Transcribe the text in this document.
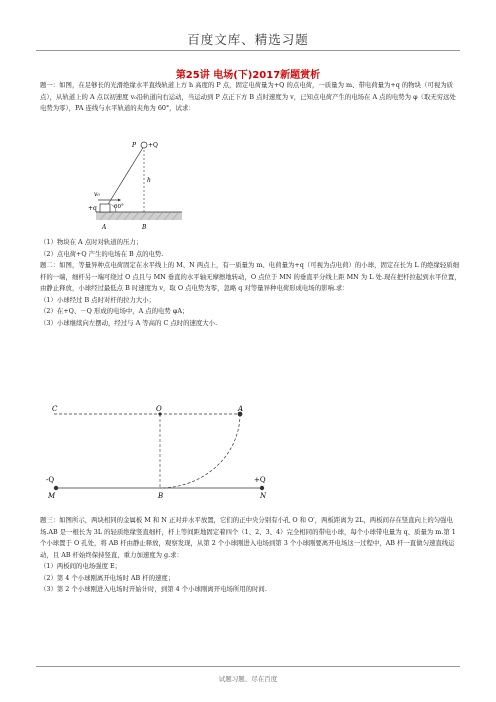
百度文库、精选习题
第25讲 电场(下)2017新题赏析

题一：如图，在足够长的光滑绝缘水平直线轨道上方 h 高度的 P 点，固定电荷量为+Q 的点电荷，一质量为 m、带电荷量为+q 的物块（可视为质点），从轨道上的 A 点以初速度 v₀沿轨道向右运动，当运动到 P 点正下方 B 点时速度为 v，已知点电荷产生的电场在 A 点的电势为 φ（取无穷远处电势为零），PA 连线与水平轨道的夹角为 60°，试求：

P +Q
h
v₀
+q	60°
A	B

（1）物块在 A 点时对轨道的压力；

（2）点电荷+Q 产生的电场在 B 点的电势.

题二：如图，等量异种点电荷固定在水平线上的 M、N 两点上，有一质量为 m、电荷量为+q（可视为点电荷）的小球，固定在长为 L 的绝缘轻质细杆的一端，细杆另一端可绕过 O 点且与 MN 垂直的水平轴无摩擦地转动，O 点位于 MN 的垂直平分线上距 MN 为 L 处.现在把杆拉起到水平位置，由静止释放，小球经过最低点 B 时速度为 v，取 O 点电势为零，忽略 q 对等量异种电荷形成电场的影响.求：

（1）小球经过 B 点时对杆的拉力大小；

（2）在+Q、－Q 形成的电场中，A 点的电势 φA；

（3）小球继续向左摆动，经过与 A 等高的 C 点时的速度大小.

C	O	A
-Q	+Q
M	B	N

题三：如图所示，两块相同的金属板 M 和 N 正对并水平放置，它们的正中央分别有小孔 O 和 O′，两板距离为 2L，两板间存在竖直向上的匀强电场.AB 是一根长为 3L 的轻质绝缘竖直细杆，杆上等间距地固定着四个（1、2、3、4）完全相同的带电小球，每个小球带电量为 q、质量为 m.第 1 个小球置于 O 孔处，将 AB 杆由静止释放，观察发现，从第 2 个小球刚进入电场到第 3 个小球刚要离开电场这一过程中，AB 杆一直做匀速直线运动，且 AB 杆始终保持竖直，重力加速度为 g.求：

（1）两板间的电场强度 E；

（2）第 4 个小球刚离开电场时 AB 杆的速度；

（3）第 2 个小球刚进入电场时开始计时，到第 4 个小球刚离开电场所用的时间.

试题习题、尽在百度
